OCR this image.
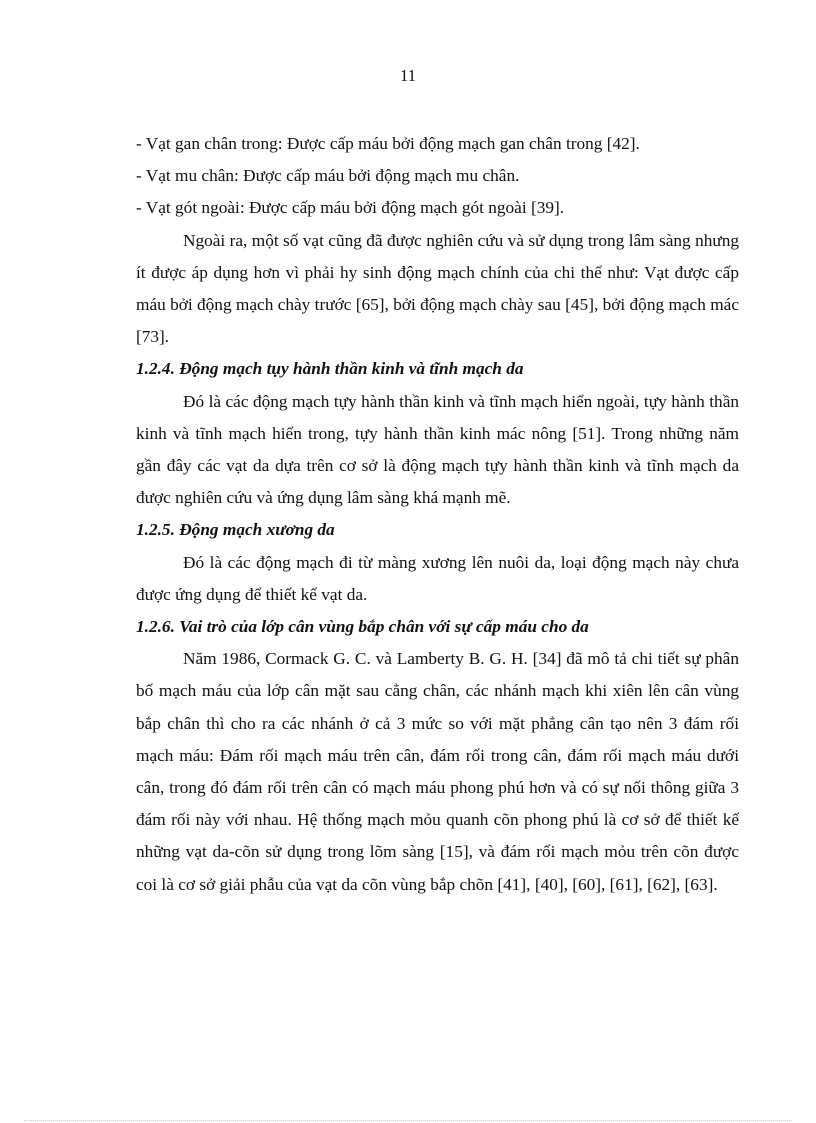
11

- Vạt gan chân trong: Được cấp máu bởi động mạch gan chân trong [42].

- Vạt mu chân: Được cấp máu bởi động mạch mu chân.

- Vạt gót ngoài: Được cấp máu bởi động mạch gót ngoài [39].

Ngoài ra, một số vạt cũng đã được nghiên cứu và sử dụng trong lâm sàng nhưng ít được áp dụng hơn vì phải hy sinh động mạch chính của chi thể như: Vạt được cấp máu bởi động mạch chày trước [65], bởi động mạch chày sau [45], bởi động mạch mác [73].

1.2.4. Động mạch tụy hành thần kinh và tĩnh mạch da

Đó là các động mạch tựy hành thần kinh và tĩnh mạch hiển ngoài, tựy hành thần kinh và tĩnh mạch hiển trong, tựy hành thần kinh mác nông [51]. Trong những năm gần đây các vạt da dựa trên cơ sở là động mạch tựy hành thần kinh và tĩnh mạch da được nghiên cứu và ứng dụng lâm sàng khá mạnh mẽ.

1.2.5. Động mạch xương da

Đó là các động mạch đi từ màng xương lên nuôi da, loại động mạch này chưa được ứng dụng để thiết kế vạt da.

1.2.6. Vai trò của lớp cân vùng bắp chân với sự cấp máu cho da

Năm 1986, Cormack G. C. và Lamberty B. G. H. [34] đã mô tả chi tiết sự phân bố mạch máu của lớp cân mặt sau cẳng chân, các nhánh mạch khi xiên lên cân vùng bắp chân thì cho ra các nhánh ở cả 3 mức so với mặt phẳng cân tạo nên 3 đám rối mạch máu: Đám rối mạch máu trên cân, đám rối trong cân, đám rối mạch máu dưới cân, trong đó đám rối trên cân có mạch máu phong phú hơn và có sự nối thông giữa 3 đám rối này với nhau. Hệ thống mạch mỏu quanh cõn phong phú là cơ sở để thiết kế những vạt da-cõn sử dụng trong lõm sàng [15], và đám rối mạch mỏu trên cõn được coi là cơ sở giải phẫu của vạt da cõn vùng bắp chõn [41], [40], [60], [61], [62], [63].
